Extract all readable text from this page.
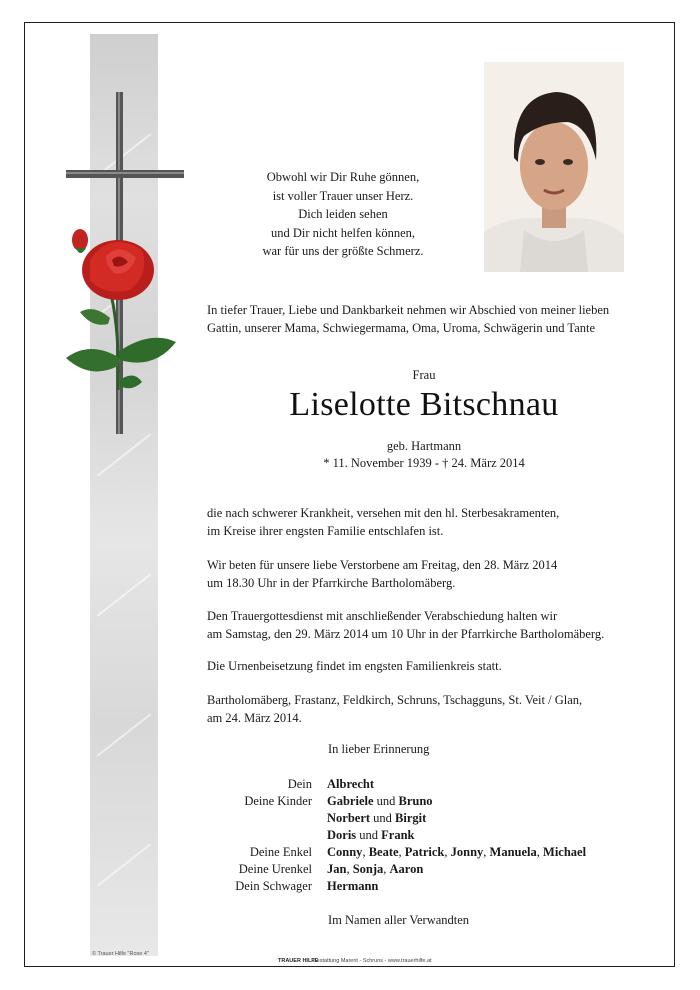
Obwohl wir Dir Ruhe gönnen,
ist voller Trauer unser Herz.
Dich leiden sehen
und Dir nicht helfen können,
war für uns der größte Schmerz.
In tiefer Trauer, Liebe und Dankbarkeit nehmen wir Abschied von meiner lieben
Gattin, unserer Mama, Schwiegermama, Oma, Uroma, Schwägerin und Tante
Frau
Liselotte Bitschnau
geb. Hartmann
* 11. November 1939 - † 24. März 2014
die nach schwerer Krankheit, versehen mit den hl. Sterbesakramenten,
im Kreise ihrer engsten Familie entschlafen ist.
Wir beten für unsere liebe Verstorbene am Freitag, den 28. März 2014
um 18.30 Uhr in der Pfarrkirche Bartholomäberg.
Den Trauergottesdienst mit anschließender Verabschiedung halten wir
am Samstag, den 29. März 2014 um 10 Uhr in der Pfarrkirche Bartholomäberg.
Die Urnenbeisetzung findet im engsten Familienkreis statt.
Bartholomäberg, Frastanz, Feldkirch, Schruns, Tschagguns, St. Veit / Glan,
am 24. März 2014.
In lieber Erinnerung
Dein Albrecht
Deine Kinder Gabriele und Bruno
Norbert und Birgit
Doris und Frank
Deine Enkel Conny, Beate, Patrick, Jonny, Manuela, Michael
Deine Urenkel Jan, Sonja, Aaron
Dein Schwager Hermann
Im Namen aller Verwandten
© Trauer Hilfe "Rose 4"
TRAUER HILFE
Bestattung Marent - Schruns - www.trauerhilfe.at
